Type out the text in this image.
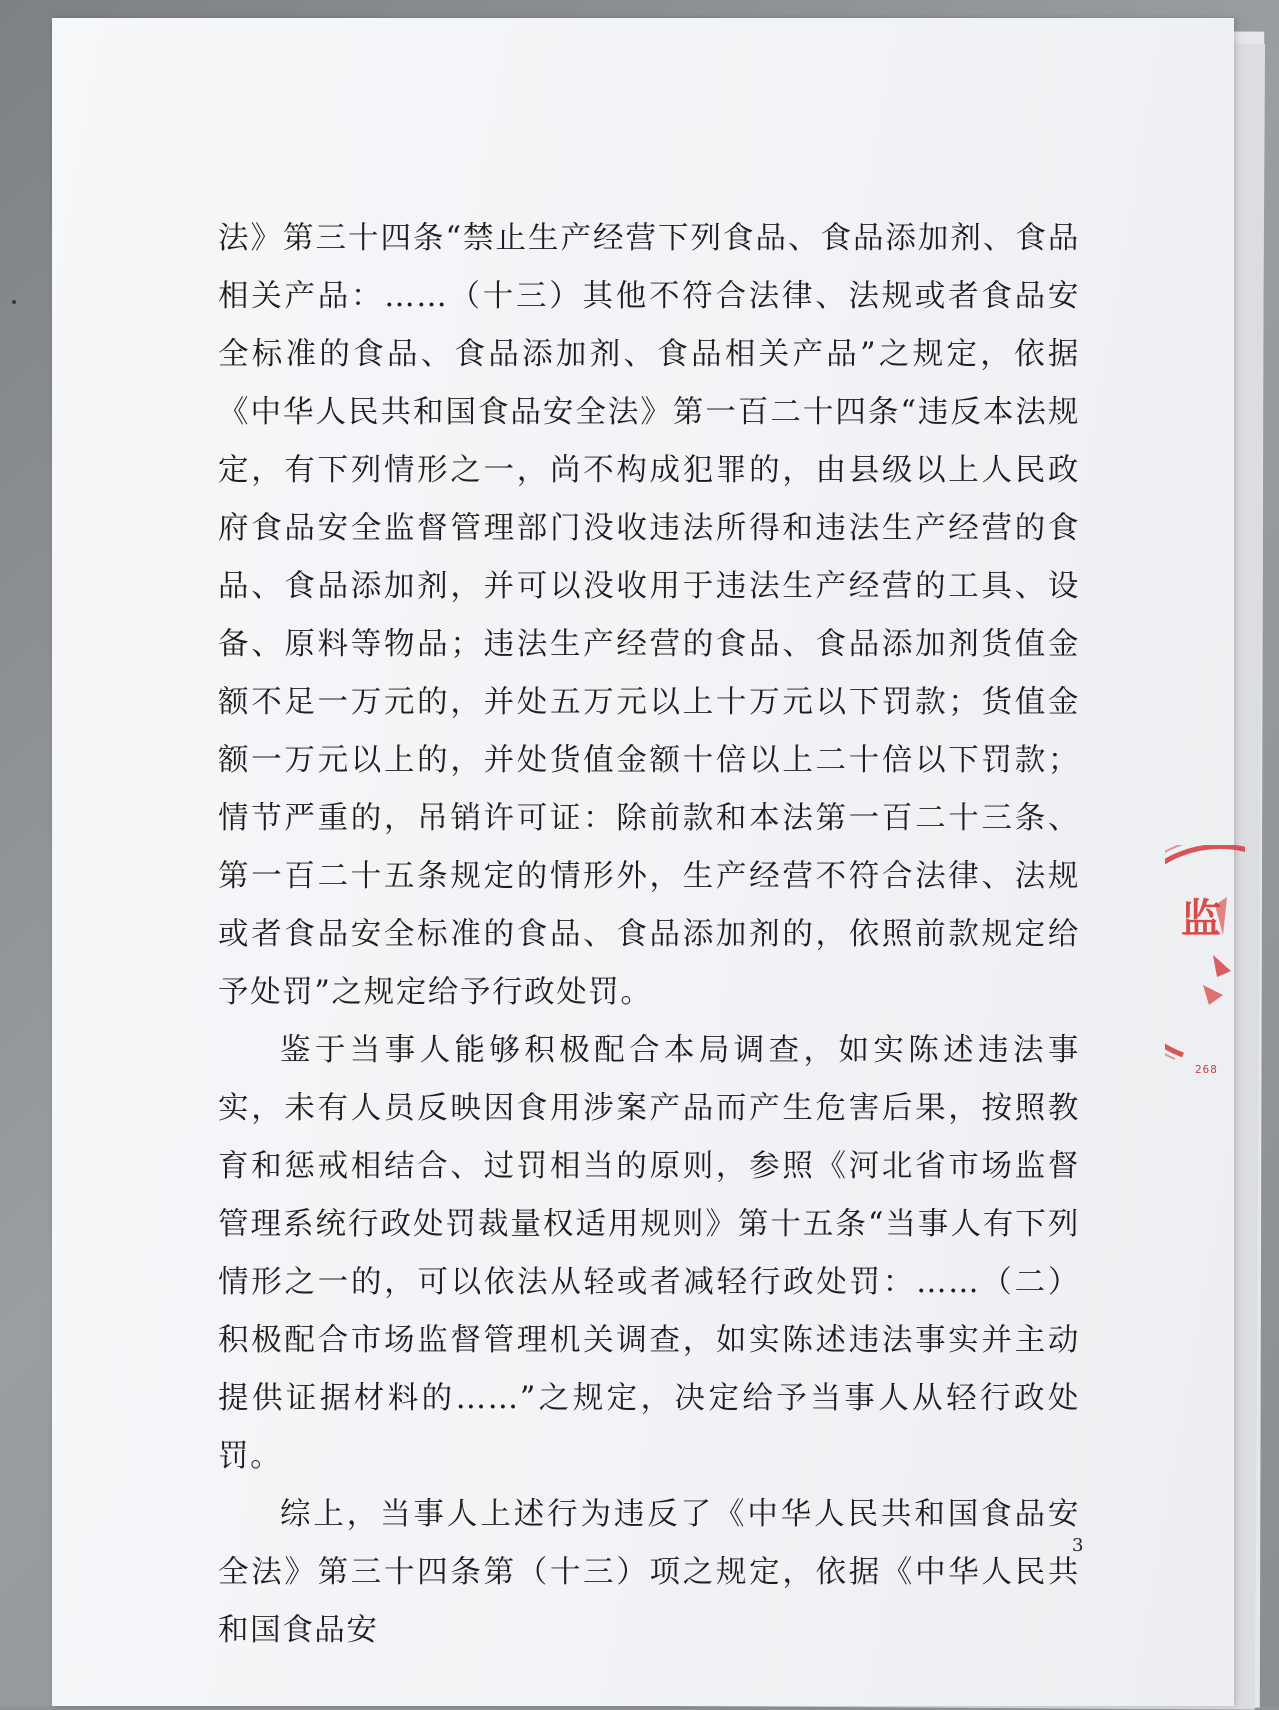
法》第三十四条“禁止生产经营下列食品、食品添加剂、食品相关产品：……（十三）其他不符合法律、法规或者食品安全标准的食品、食品添加剂、食品相关产品”之规定，依据《中华人民共和国食品安全法》第一百二十四条“违反本法规定，有下列情形之一，尚不构成犯罪的，由县级以上人民政府食品安全监督管理部门没收违法所得和违法生产经营的食品、食品添加剂，并可以没收用于违法生产经营的工具、设备、原料等物品；违法生产经营的食品、食品添加剂货值金额不足一万元的，并处五万元以上十万元以下罚款；货值金额一万元以上的，并处货值金额十倍以上二十倍以下罚款；情节严重的，吊销许可证：除前款和本法第一百二十三条、第一百二十五条规定的情形外，生产经营不符合法律、法规或者食品安全标准的食品、食品添加剂的，依照前款规定给予处罚”之规定给予行政处罚。

鉴于当事人能够积极配合本局调查，如实陈述违法事实，未有人员反映因食用涉案产品而产生危害后果，按照教育和惩戒相结合、过罚相当的原则，参照《河北省市场监督管理系统行政处罚裁量权适用规则》第十五条“当事人有下列情形之一的，可以依法从轻或者减轻行政处罚：……（二）积极配合市场监督管理机关调查，如实陈述违法事实并主动提供证据材料的……”之规定，决定给予当事人从轻行政处罚。

综上，当事人上述行为违反了《中华人民共和国食品安全法》第三十四条第（十三）项之规定，依据《中华人民共和国食品安

3
监
268
